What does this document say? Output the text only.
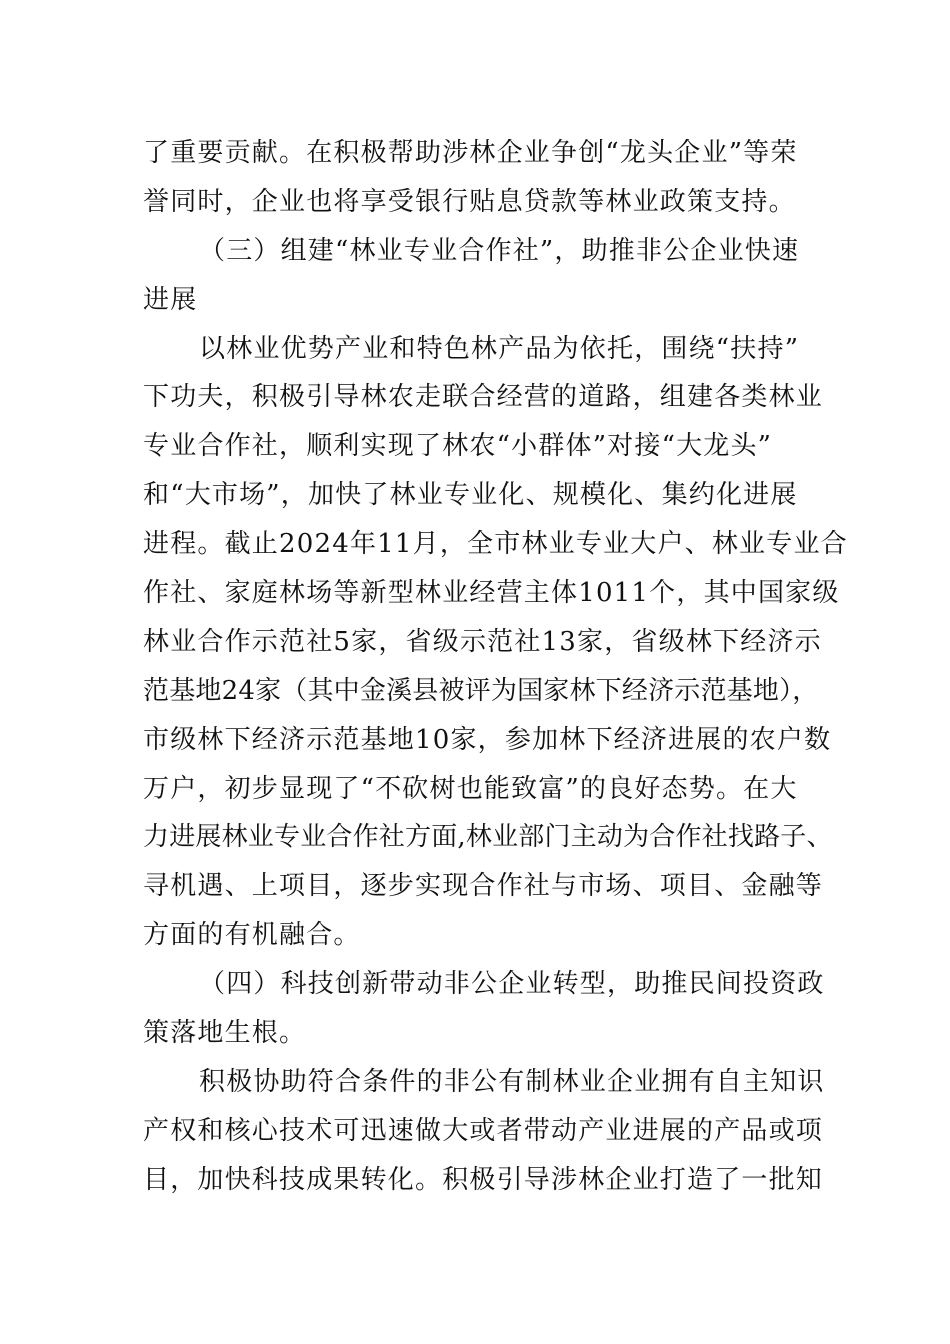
了重要贡献。在积极帮助涉林企业争创“龙头企业”等荣
誉同时，企业也将享受银行贴息贷款等林业政策支持。
（三）组建“林业专业合作社”，助推非公企业快速
进展
以林业优势产业和特色林产品为依托，围绕“扶持”
下功夫，积极引导林农走联合经营的道路，组建各类林业
专业合作社，顺利实现了林农“小群体”对接“大龙头”
和“大市场”，加快了林业专业化、规模化、集约化进展
进程。截止2024年11月，全市林业专业大户、林业专业合
作社、家庭林场等新型林业经营主体1011个，其中国家级
林业合作示范社5家，省级示范社13家，省级林下经济示
范基地24家（其中金溪县被评为国家林下经济示范基地），
市级林下经济示范基地10家，参加林下经济进展的农户数
万户，初步显现了“不砍树也能致富”的良好态势。在大
力进展林业专业合作社方面,林业部门主动为合作社找路子、
寻机遇、上项目，逐步实现合作社与市场、项目、金融等
方面的有机融合。
（四）科技创新带动非公企业转型，助推民间投资政
策落地生根。
积极协助符合条件的非公有制林业企业拥有自主知识
产权和核心技术可迅速做大或者带动产业进展的产品或项
目，加快科技成果转化。积极引导涉林企业打造了一批知
